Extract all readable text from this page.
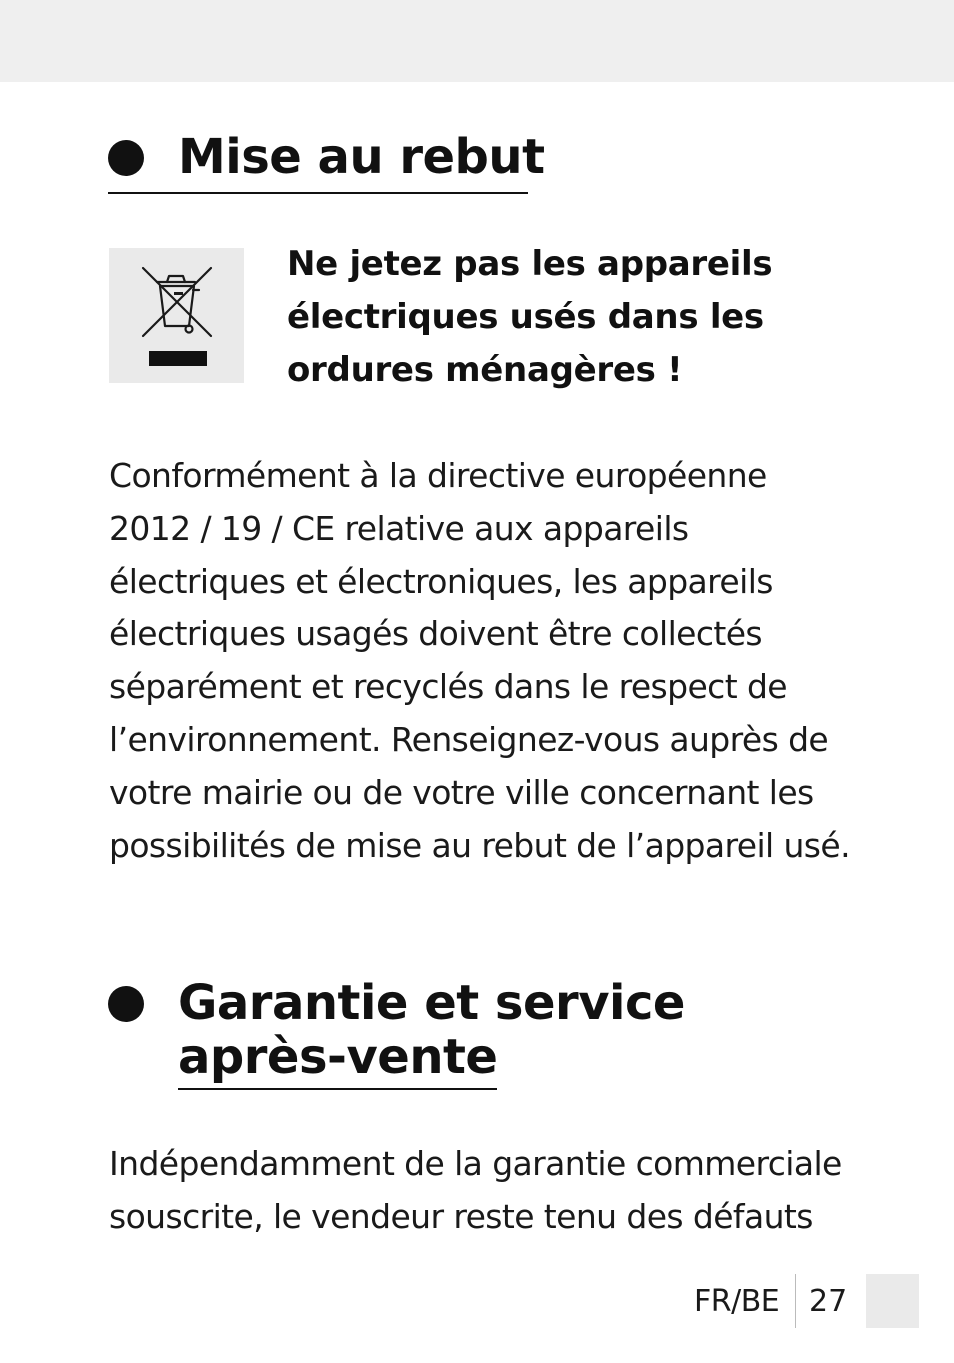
Mise au rebut
Ne jetez pas les appareils
électriques usés dans les
ordures ménagères !
Conformément à la directive européenne
2012 / 19 / CE relative aux appareils
électriques et électroniques, les appareils
électriques usagés doivent être collectés
séparément et recyclés dans le respect de
l’environnement. Renseignez-vous auprès de
votre mairie ou de votre ville concernant les
possibilités de mise au rebut de l’appareil usé.
Garantie et service
après-vente
Indépendamment de la garantie commerciale
souscrite, le vendeur reste tenu des défauts
FR/BE 27
